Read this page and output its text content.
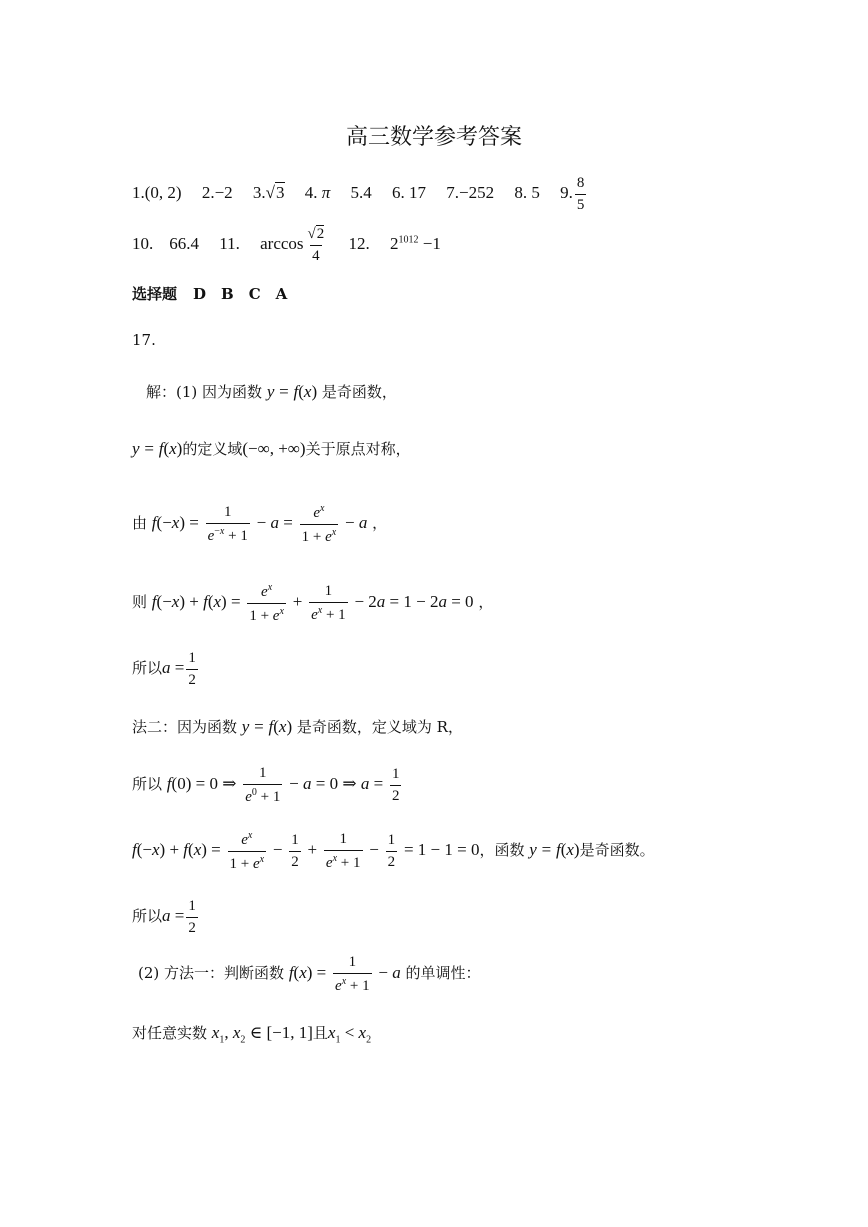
高三数学参考答案
1.(0, 2) 2.−2 3.√3 4. π 5.4 6. 17 7.−252 8. 5 9. $\frac{8}{5}$
10. 66.4 11. $\arccos \frac{√2}{4} 12$. $2^{1012} -1$
选择题 D　B　C　A
17.
解：(1) 因为函数 y = f(x) 是奇函数，
y = f(x)的定义域(−∞, +∞)关于原点对称，
由 $f(-x) = \frac{1}{e^{-x} + 1} - a = \frac{e^x}{1 + e^x} - a$ ，
则 $f(-x) + f(x) = \frac{e^x}{1 + e^x} + \frac{1}{e^x + 1} - 2a = 1 - 2a = 0$ ，
所以$a = \frac{1}{2}$
法二：因为函数 y = f(x) 是奇函数，定义域为 R，
所以 f(0) = 0 ⇒ $\frac{1}{e^0 + 1} - a = 0$ ⇒ $a = \frac{1}{2}$
$f(-x) + f(x) = \frac{e^x}{1 + e^x} - \frac{1}{2} + \frac{1}{e^x + 1} - \frac{1}{2} = 1 - 1 = 0$，函数 y = f(x)是奇函数。
所以$a = \frac{1}{2}$
(2) 方法一：判断函数 $f(x) = \frac{1}{e^x + 1} - a$ 的单调性：
对任意实数 $x_1$, $x_2$ ∈ [−1, 1]且$x_1 < x_2$
